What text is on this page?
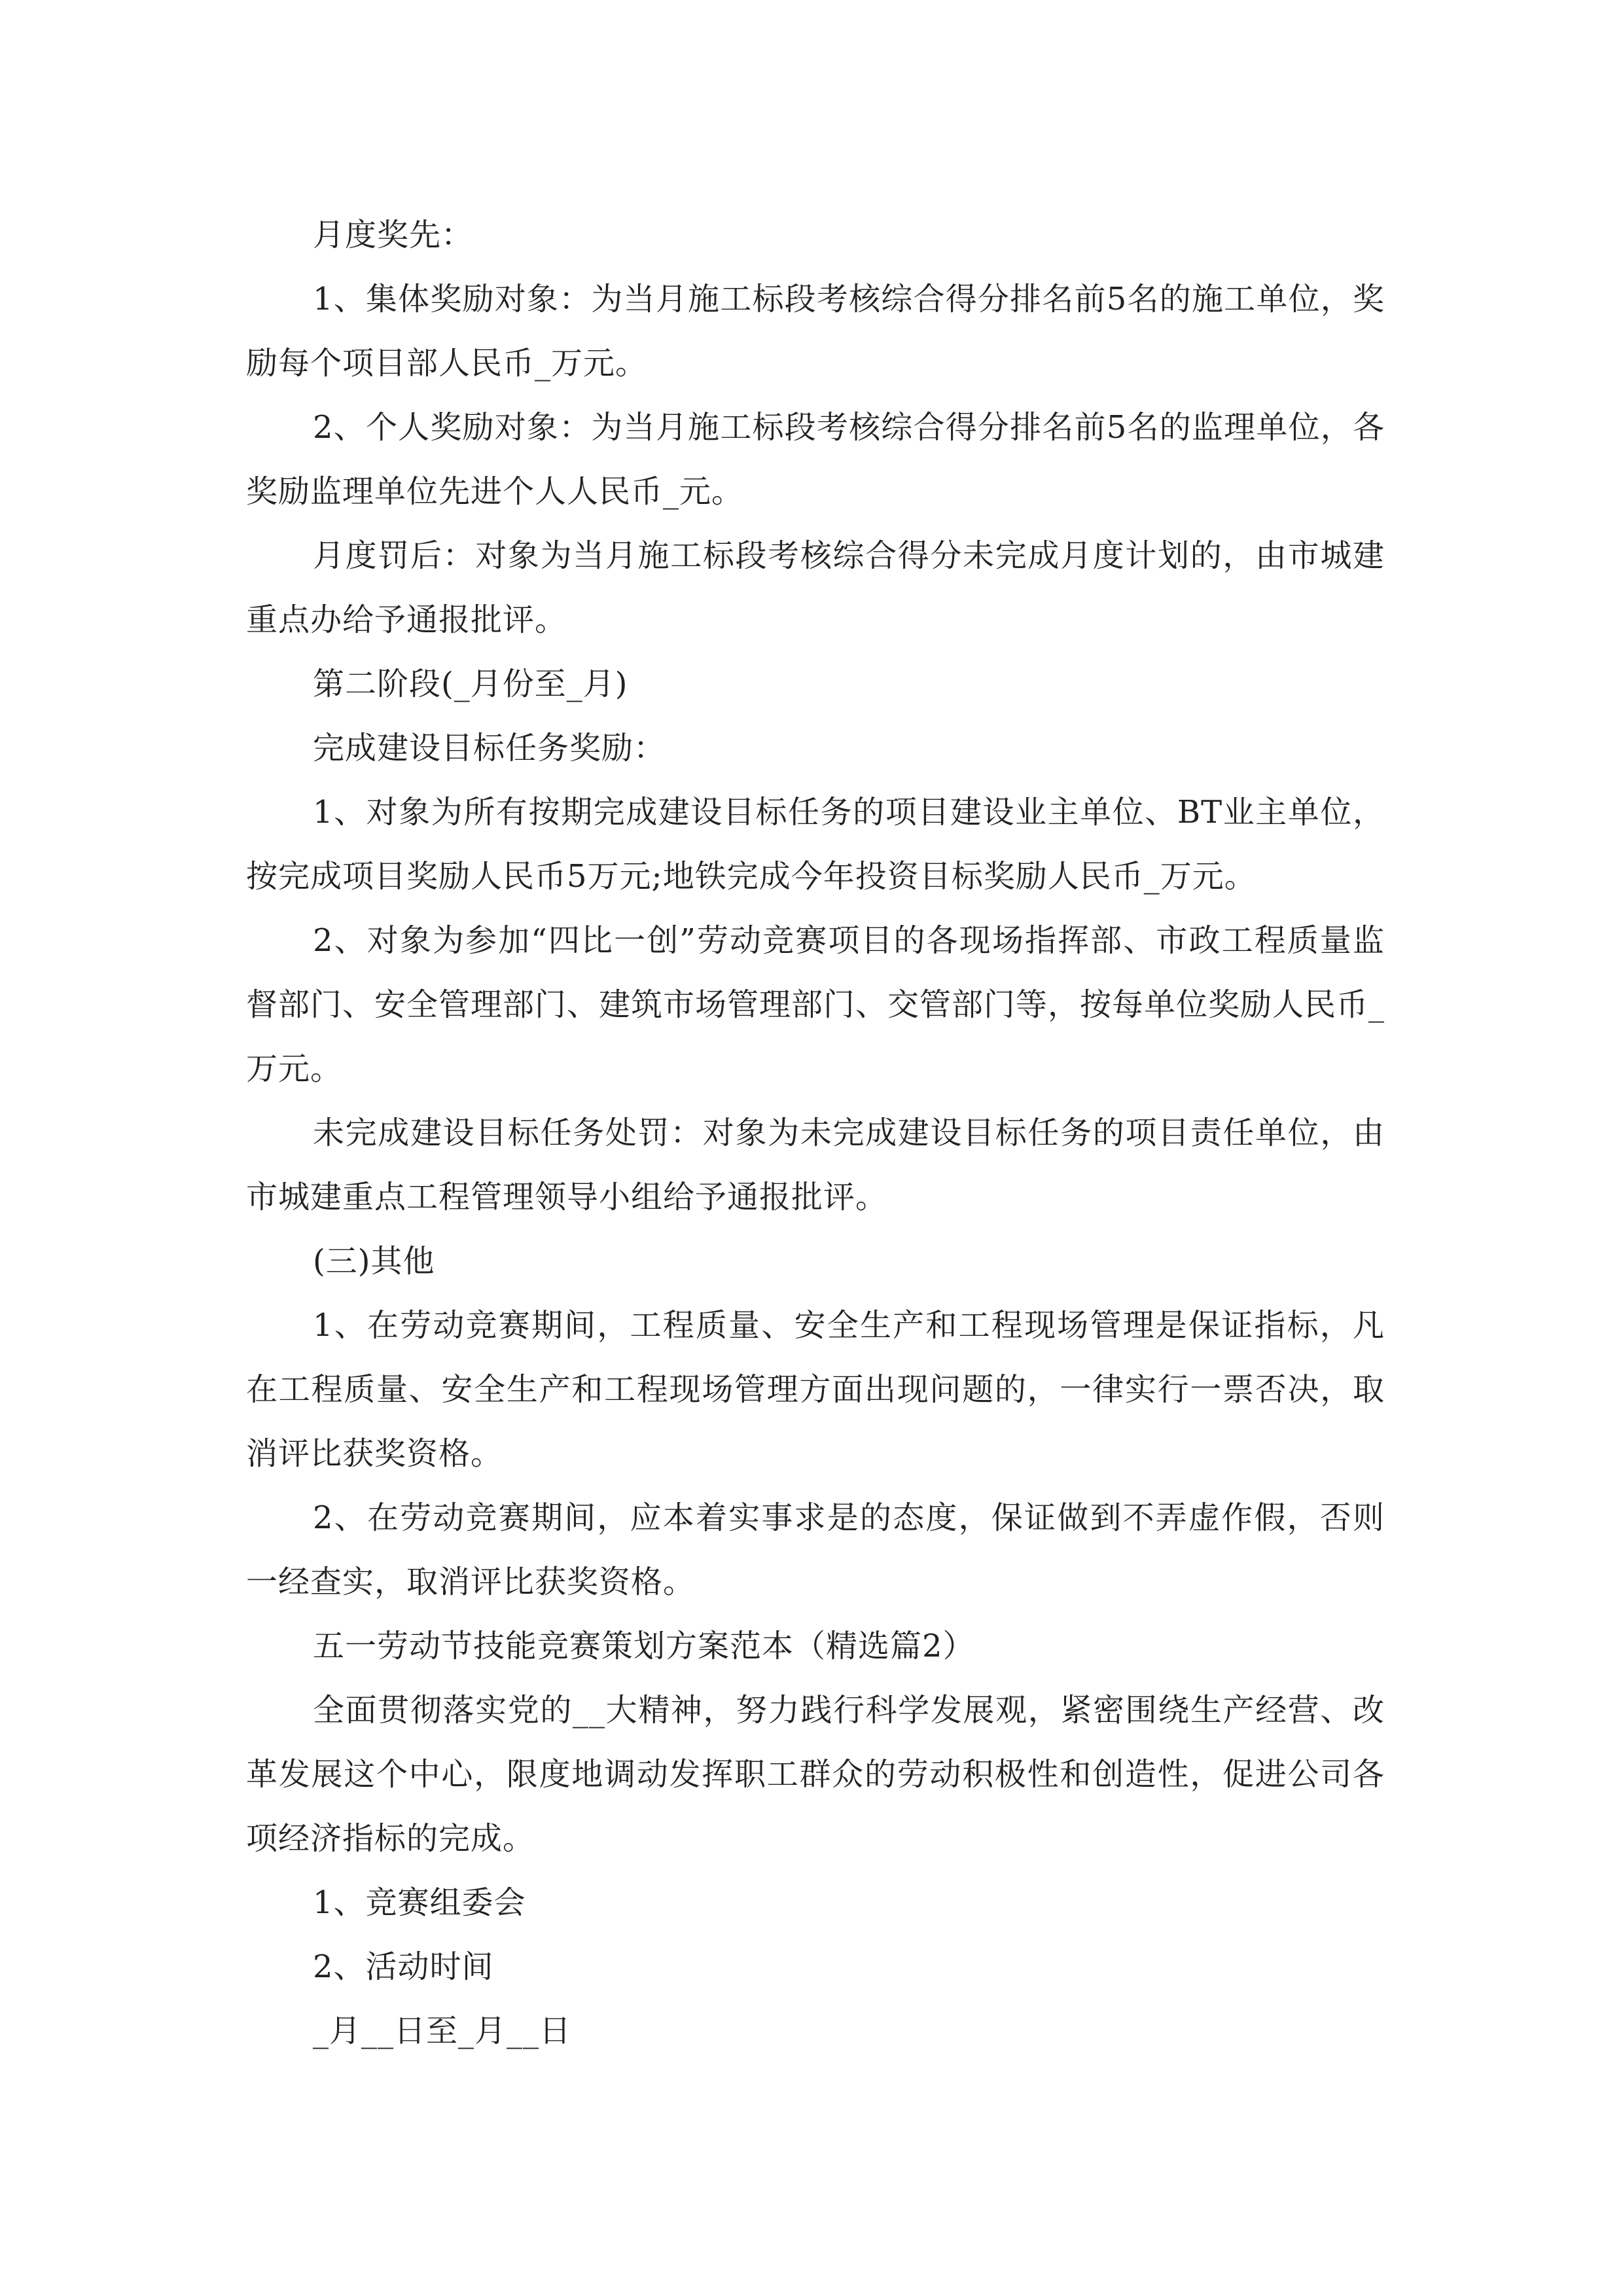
月度奖先：

1、集体奖励对象：为当月施工标段考核综合得分排名前5名的施工单位，奖励每个项目部人民币_万元。

2、个人奖励对象：为当月施工标段考核综合得分排名前5名的监理单位，各奖励监理单位先进个人人民币_元。

月度罚后：对象为当月施工标段考核综合得分未完成月度计划的，由市城建重点办给予通报批评。

第二阶段(_月份至_月)

完成建设目标任务奖励：

1、对象为所有按期完成建设目标任务的项目建设业主单位、BT业主单位，按完成项目奖励人民币5万元;地铁完成今年投资目标奖励人民币_万元。

2、对象为参加“四比一创”劳动竞赛项目的各现场指挥部、市政工程质量监督部门、安全管理部门、建筑市场管理部门、交管部门等，按每单位奖励人民币_万元。

未完成建设目标任务处罚：对象为未完成建设目标任务的项目责任单位，由市城建重点工程管理领导小组给予通报批评。

(三)其他

1、在劳动竞赛期间，工程质量、安全生产和工程现场管理是保证指标，凡在工程质量、安全生产和工程现场管理方面出现问题的，一律实行一票否决，取消评比获奖资格。

2、在劳动竞赛期间，应本着实事求是的态度，保证做到不弄虚作假，否则一经查实，取消评比获奖资格。

五一劳动节技能竞赛策划方案范本（精选篇2）

全面贯彻落实党的__大精神，努力践行科学发展观，紧密围绕生产经营、改革发展这个中心，限度地调动发挥职工群众的劳动积极性和创造性，促进公司各项经济指标的完成。

1、竞赛组委会

2、活动时间

_月__日至_月__日
